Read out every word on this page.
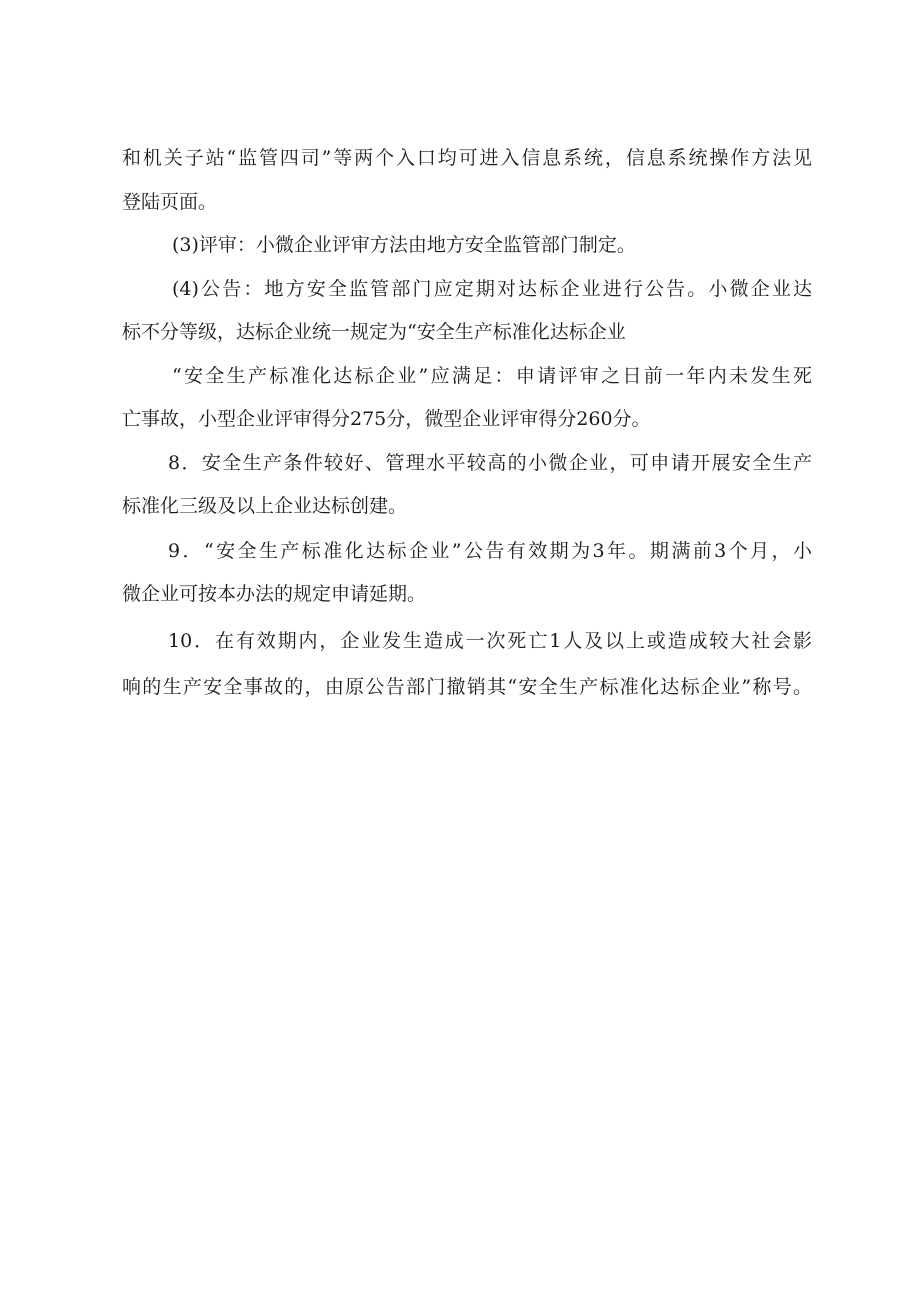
和机关子站“监管四司”等两个入口均可进入信息系统，信息系统操作方法见
登陆页面。
(3)评审：小微企业评审方法由地方安全监管部门制定。
(4)公告：地方安全监管部门应定期对达标企业进行公告。小微企业达
标不分等级，达标企业统一规定为“安全生产标准化达标企业
“安全生产标准化达标企业”应满足：申请评审之日前一年内未发生死
亡事故，小型企业评审得分275分，微型企业评审得分260分。
8．安全生产条件较好、管理水平较高的小微企业，可申请开展安全生产
标准化三级及以上企业达标创建。
9．“安全生产标准化达标企业”公告有效期为3年。期满前3个月，小
微企业可按本办法的规定申请延期。
10．在有效期内，企业发生造成一次死亡1人及以上或造成较大社会影
响的生产安全事故的，由原公告部门撤销其“安全生产标准化达标企业”称号。
